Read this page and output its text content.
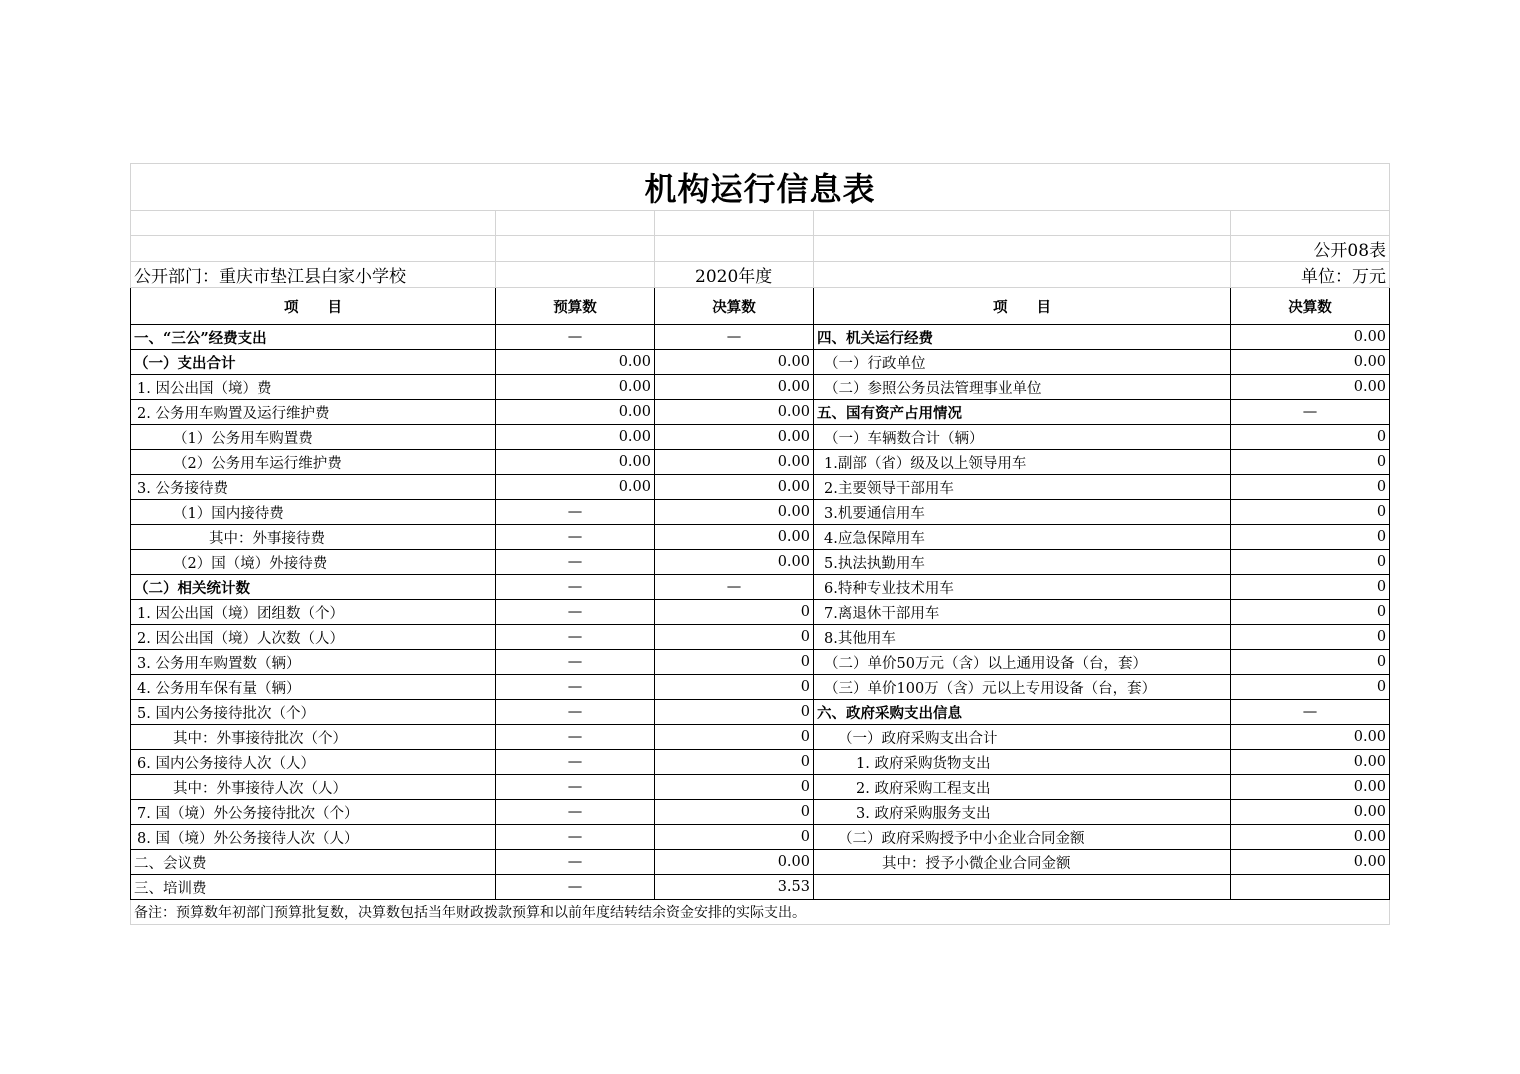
机构运行信息表				

				公开08表
公开部门：重庆市垫江县白家小学校		2020年度		单位：万元
项　　目	预算数	决算数	项　　目	决算数
一、“三公”经费支出	—	—	四、机关运行经费	0.00
（一）支出合计	0.00	0.00	（一）行政单位	0.00
1. 因公出国（境）费	0.00	0.00	（二）参照公务员法管理事业单位	0.00
2. 公务用车购置及运行维护费	0.00	0.00	五、国有资产占用情况	—
（1）公务用车购置费	0.00	0.00	（一）车辆数合计（辆）	0
（2）公务用车运行维护费	0.00	0.00	1.副部（省）级及以上领导用车	0
3. 公务接待费	0.00	0.00	2.主要领导干部用车	0
（1）国内接待费	—	0.00	3.机要通信用车	0
其中：外事接待费	—	0.00	4.应急保障用车	0
（2）国（境）外接待费	—	0.00	5.执法执勤用车	0
（二）相关统计数	—	—	6.特种专业技术用车	0
1. 因公出国（境）团组数（个）	—	0	7.离退休干部用车	0
2. 因公出国（境）人次数（人）	—	0	8.其他用车	0
3. 公务用车购置数（辆）	—	0	（二）单价50万元（含）以上通用设备（台，套）	0
4. 公务用车保有量（辆）	—	0	（三）单价100万（含）元以上专用设备（台，套）	0
5. 国内公务接待批次（个）	—	0	六、政府采购支出信息	—
其中：外事接待批次（个）	—	0	（一）政府采购支出合计	0.00
6. 国内公务接待人次（人）	—	0	1. 政府采购货物支出	0.00
其中：外事接待人次（人）	—	0	2. 政府采购工程支出	0.00
7. 国（境）外公务接待批次（个）	—	0	3. 政府采购服务支出	0.00
8. 国（境）外公务接待人次（人）	—	0	（二）政府采购授予中小企业合同金额	0.00
二、会议费	—	0.00	其中：授予小微企业合同金额	0.00
三、培训费	—	3.53		
备注：预算数年初部门预算批复数，决算数包括当年财政拨款预算和以前年度结转结余资金安排的实际支出。				
